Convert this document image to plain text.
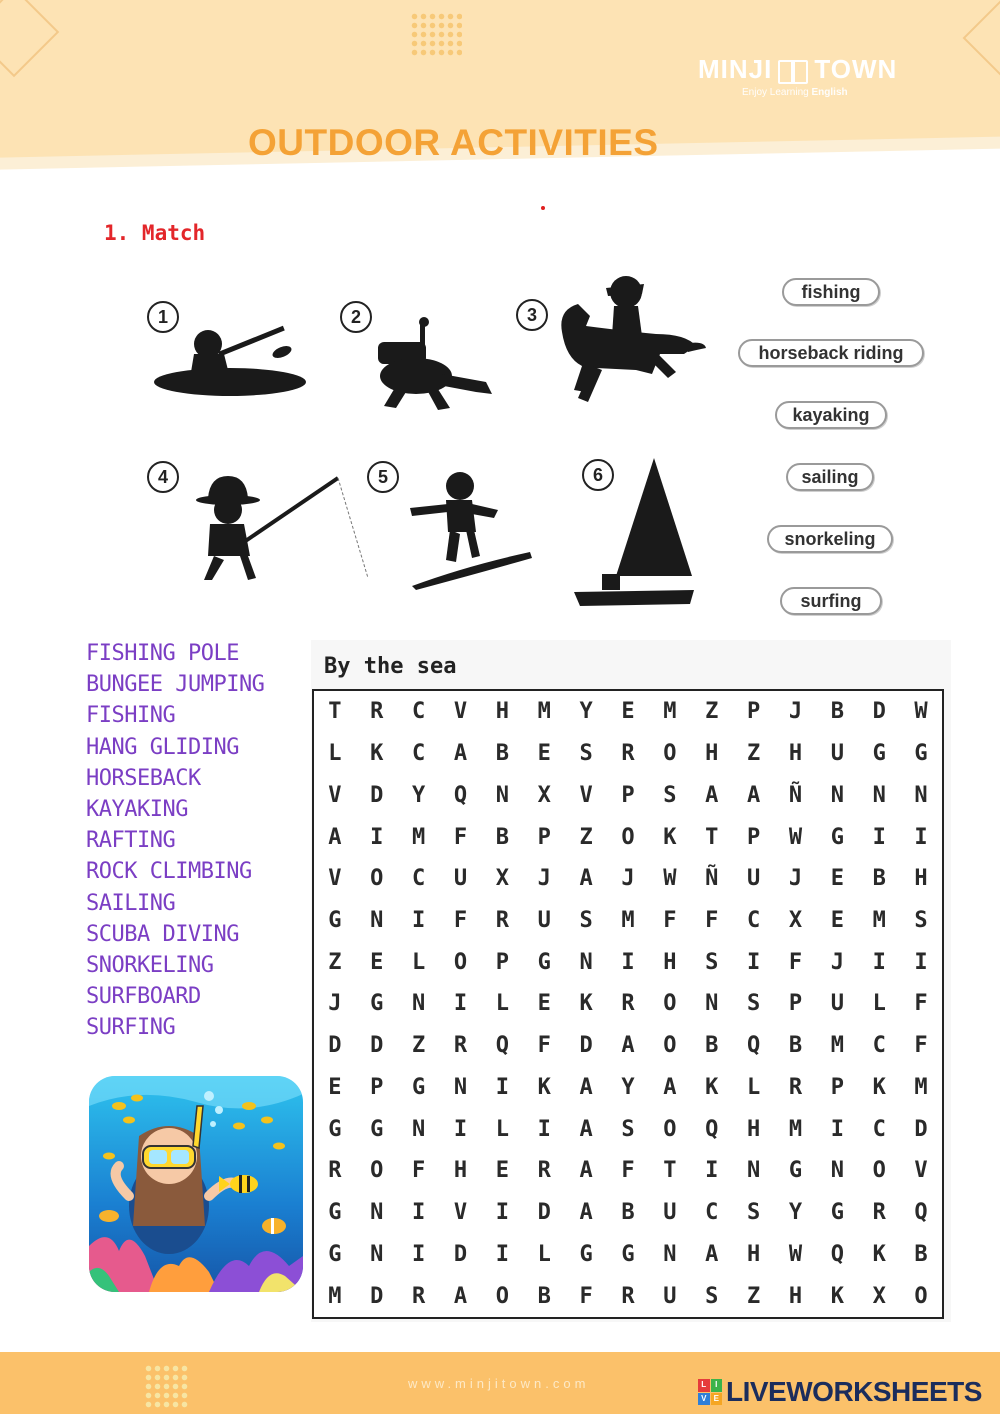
MINJI TOWN
Enjoy Learning English
OUTDOOR ACTIVITIES
1. Match
1	2	3
4	5	6
fishing
horseback riding
kayaking
sailing
snorkeling
surfing
FISHING POLE
BUNGEE JUMPING
FISHING
HANG GLIDING
HORSEBACK
KAYAKING
RAFTING
ROCK CLIMBING
SAILING
SCUBA DIVING
SNORKELING
SURFBOARD
SURFING
By the sea
T	R	C	V	H	M	Y	E	M	Z	P	J	B	D	W
L	K	C	A	B	E	S	R	O	H	Z	H	U	G	G
V	D	Y	Q	N	X	V	P	S	A	A	Ñ	N	N	N
A	I	M	F	B	P	Z	O	K	T	P	W	G	I	I
V	O	C	U	X	J	A	J	W	Ñ	U	J	E	B	H
G	N	I	F	R	U	S	M	F	F	C	X	E	M	S
Z	E	L	O	P	G	N	I	H	S	I	F	J	I	I
J	G	N	I	L	E	K	R	O	N	S	P	U	L	F
D	D	Z	R	Q	F	D	A	O	B	Q	B	M	C	F
E	P	G	N	I	K	A	Y	A	K	L	R	P	K	M
G	G	N	I	L	I	A	S	O	Q	H	M	I	C	D
R	O	F	H	E	R	A	F	T	I	N	G	N	O	V
G	N	I	V	I	D	A	B	U	C	S	Y	G	R	Q
G	N	I	D	I	L	G	G	N	A	H	W	Q	K	B
M	D	R	A	O	B	F	R	U	S	Z	H	K	X	O
www.minjitown.com	L	I
V E LIVEWORKSHEETS
